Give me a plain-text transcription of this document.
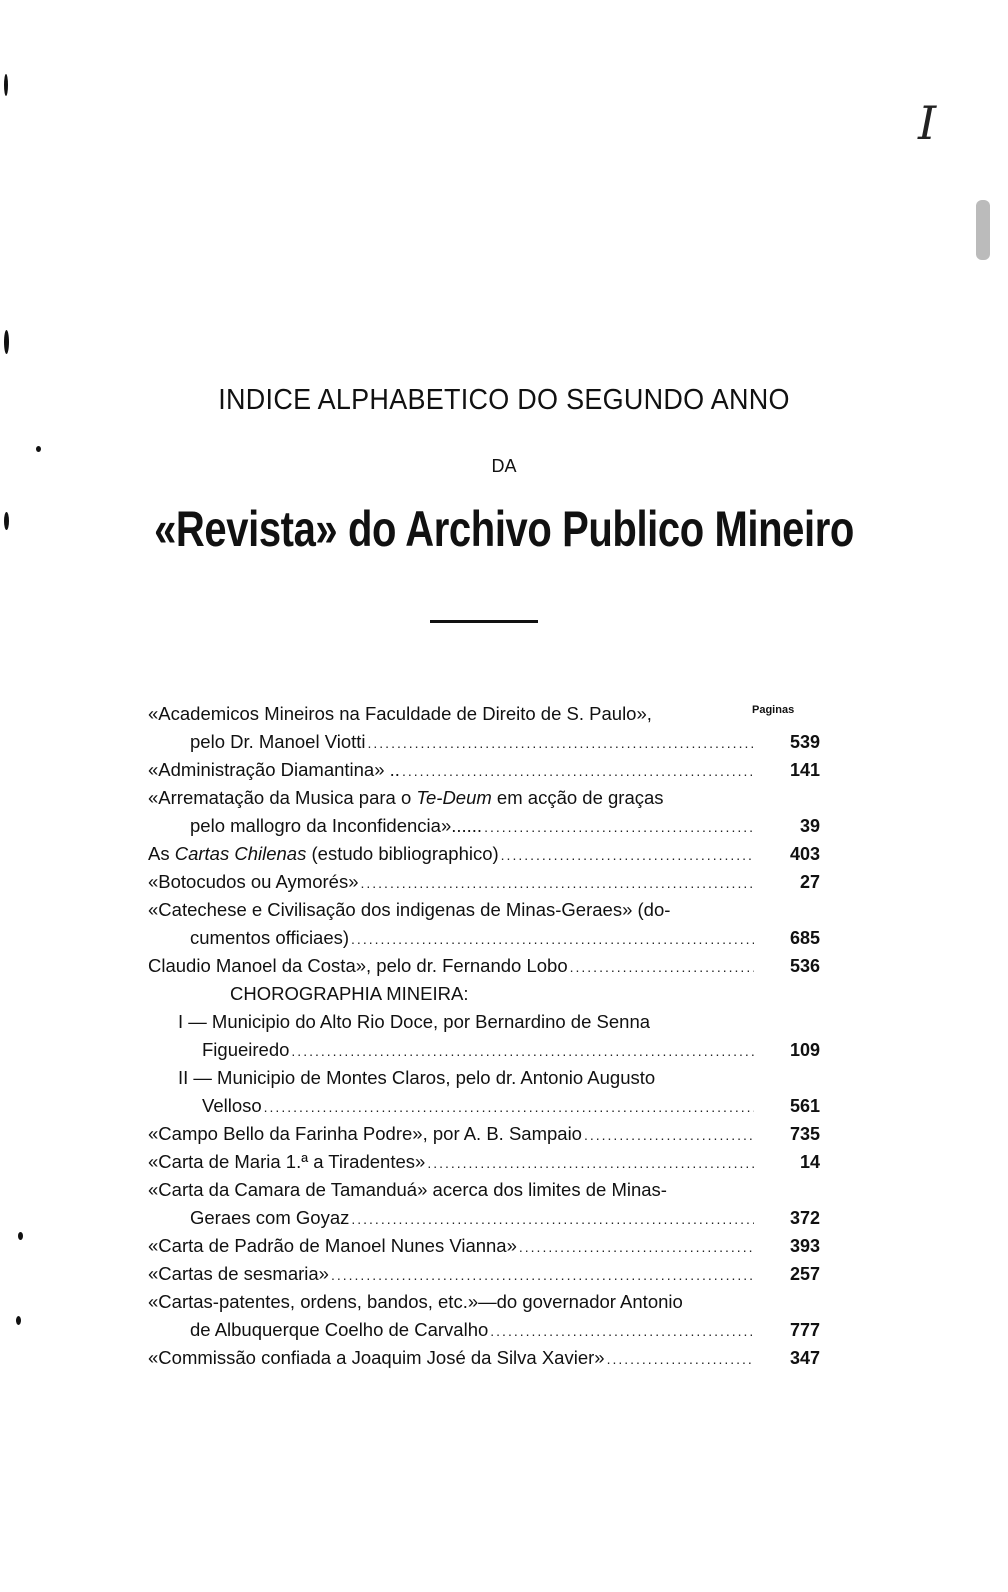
I
INDICE ALPHABETICO DO SEGUNDO ANNO
DA
«Revista» do Archivo Publico Mineiro
Paginas
«Academicos Mineiros na Faculdade de Direito de S. Paulo»,
pelo Dr. Manoel Viotti .....	539
«Administração Diamantina» .. .....	141
«Arrematação da Musica para o Te-Deum em acção de graças
pelo mallogro da Inconfidencia»...... .....	39
As Cartas Chilenas (estudo bibliographico) .....	403
«Botocudos ou Aymorés» .....	27
«Catechese e Civilisação dos indigenas de Minas-Geraes» (do-
cumentos officiaes) .....	685
Claudio Manoel da Costa», pelo dr. Fernando Lobo .....	536
CHOROGRAPHIA MINEIRA:
I — Municipio do Alto Rio Doce, por Bernardino de Senna
Figueiredo .....	109
II — Municipio de Montes Claros, pelo dr. Antonio Augusto
Velloso .....	561
«Campo Bello da Farinha Podre», por A. B. Sampaio .....	735
«Carta de Maria 1.ª a Tiradentes» .....	14
«Carta da Camara de Tamanduá» acerca dos limites de Minas-
Geraes com Goyaz .....	372
«Carta de Padrão de Manoel Nunes Vianna» .....	393
«Cartas de sesmaria» .....	257
«Cartas-patentes, ordens, bandos, etc.»—do governador Antonio
de Albuquerque Coelho de Carvalho .....	777
«Commissão confiada a Joaquim José da Silva Xavier» .....	347
